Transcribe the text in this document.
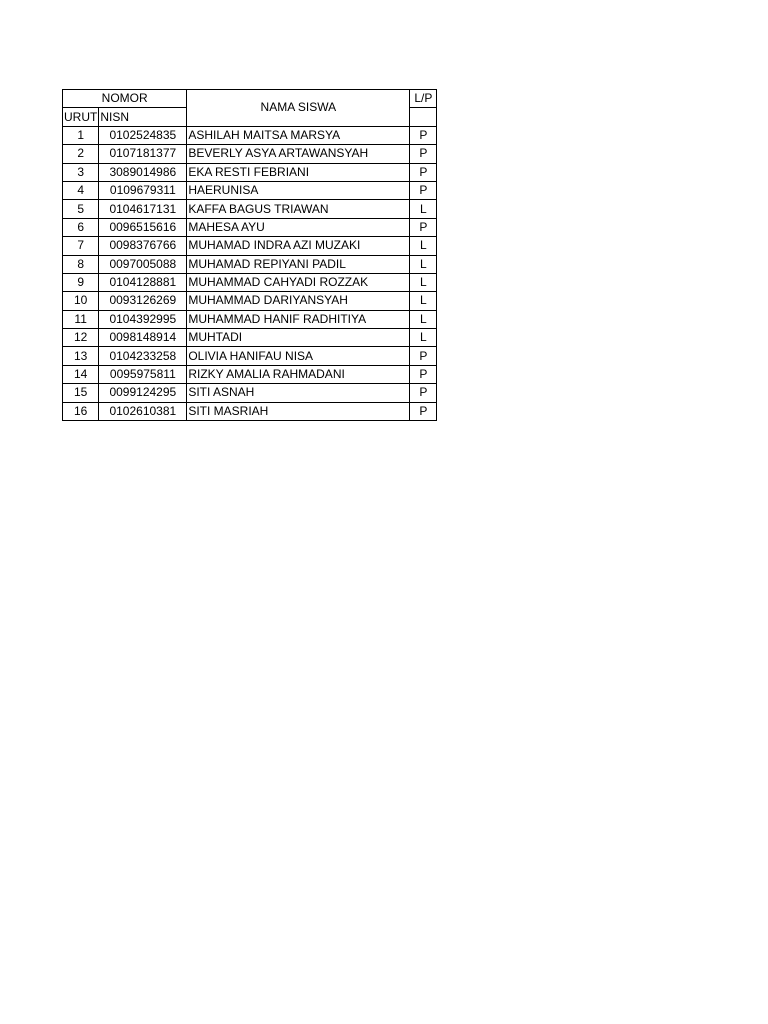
NOMOR		NAMA SISWA	L/P
URUT	NISN		
1	0102524835	ASHILAH MAITSA MARSYA	P
2	0107181377	BEVERLY ASYA ARTAWANSYAH	P
3	3089014986	EKA RESTI FEBRIANI	P
4	0109679311	HAERUNISA	P
5	0104617131	KAFFA BAGUS TRIAWAN	L
6	0096515616	MAHESA AYU	P
7	0098376766	MUHAMAD INDRA AZI MUZAKI	L
8	0097005088	MUHAMAD REPIYANI PADIL	L
9	0104128881	MUHAMMAD CAHYADI ROZZAK	L
10	0093126269	MUHAMMAD DARIYANSYAH	L
11	0104392995	MUHAMMAD HANIF RADHITIYA	L
12	0098148914	MUHTADI	L
13	0104233258	OLIVIA HANIFAU NISA	P
14	0095975811	RIZKY AMALIA RAHMADANI	P
15	0099124295	SITI ASNAH	P
16	0102610381	SITI MASRIAH	P
